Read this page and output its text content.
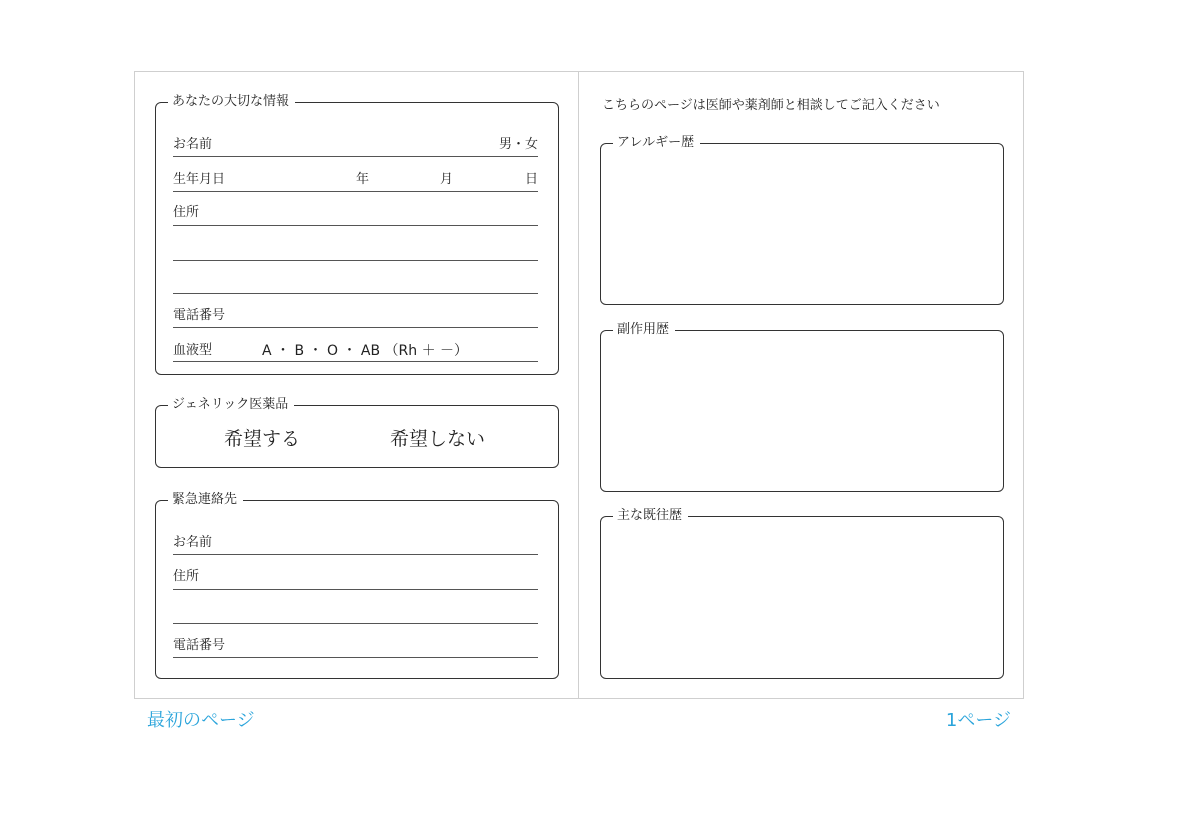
あなたの大切な情報
お名前	男・女
生年月日	年	月	日
住所
電話番号
血液型	A ・ B ・ O ・ AB （Rh ＋ －）
ジェネリック医薬品
希望する	希望しない
緊急連絡先
お名前
住所
電話番号
こちらのページは医師や薬剤師と相談してご記入ください
アレルギー歴
副作用歴
主な既往歴
最初のページ	1ページ
